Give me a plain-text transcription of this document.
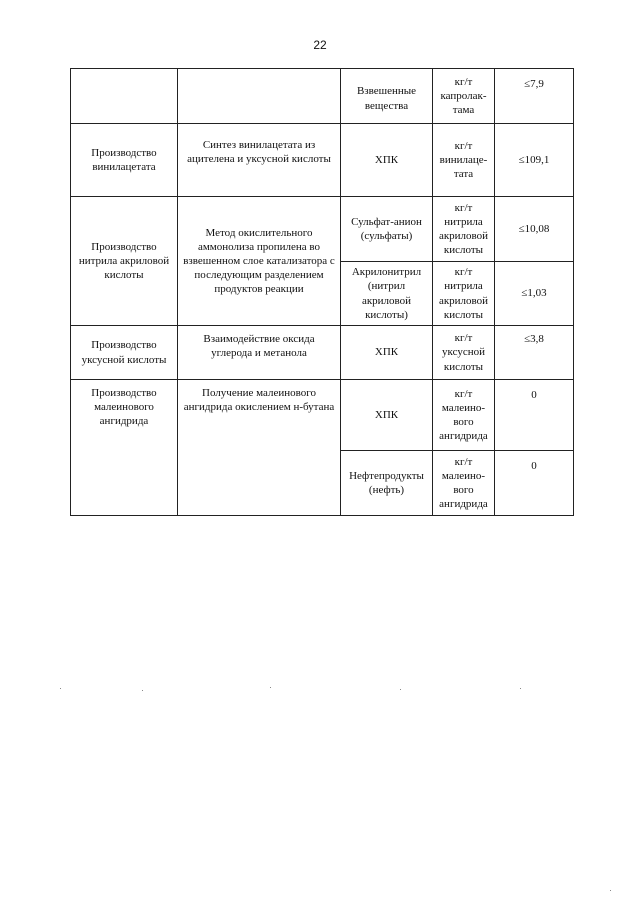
22
		Взвешенные вещества	кг/т капролак-тама	≤7,9
Производство винилацетата	Синтез винилацетата из ацителена и уксусной кислоты	ХПК	кг/т винилаце-тата	≤109,1
Производство нитрила акриловой кислоты	Метод окислительного аммонолиза пропилена во взвешенном слое катализатора с последующим разделением продуктов реакции	Сульфат-анион (сульфаты)	кг/т нитрила акриловой кислоты	≤10,08
		Акрилонитрил (нитрил акриловой кислоты)	кг/т нитрила акриловой кислоты	≤1,03
Производство уксусной кислоты	Взаимодействие оксида углерода и метанола	ХПК	кг/т уксусной кислоты	≤3,8
Производство малеинового ангидрида	Получение малеинового ангидрида окислением н-бутана	ХПК	кг/т малеино-вого ангидрида	0
		Нефтепродукты (нефть)	кг/т малеино-вого ангидрида	0
